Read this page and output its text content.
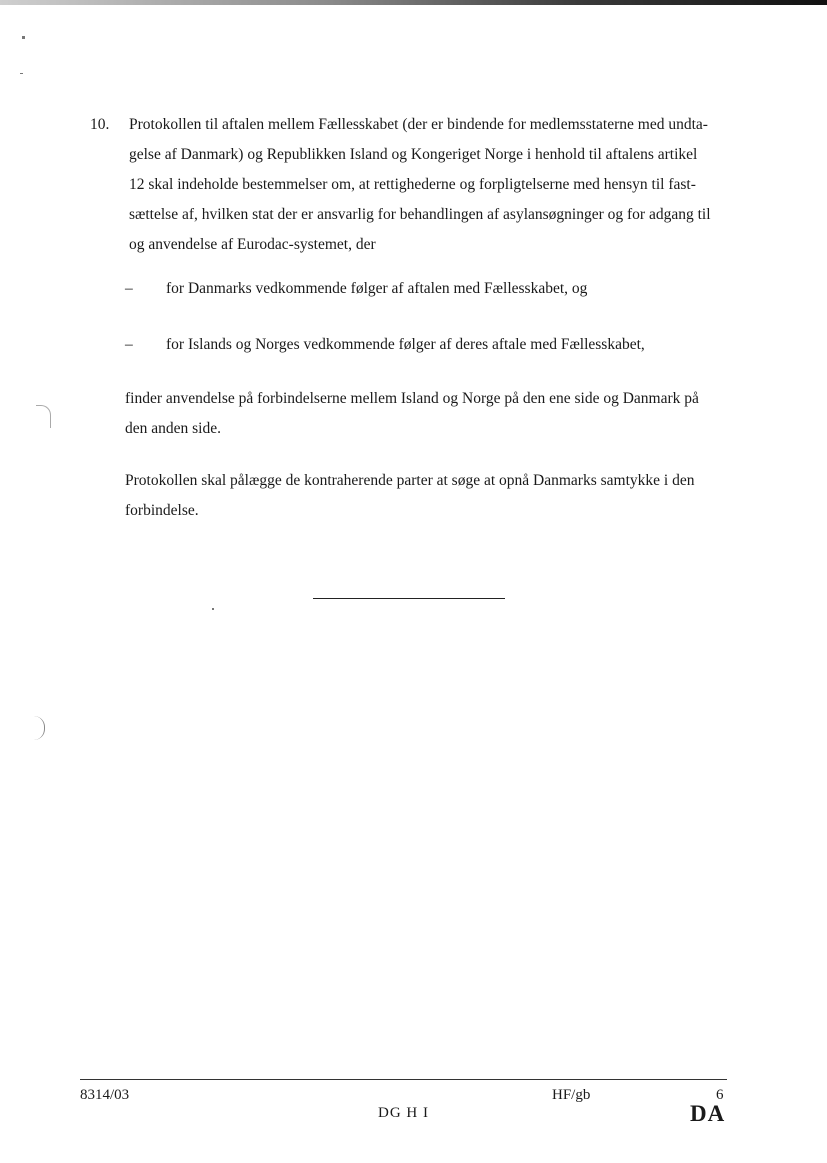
10. Protokollen til aftalen mellem Fællesskabet (der er bindende for medlemsstaterne med undta-
gelse af Danmark) og Republikken Island og Kongeriget Norge i henhold til aftalens artikel
12 skal indeholde bestemmelser om, at rettighederne og forpligtelserne med hensyn til fast-
sættelse af, hvilken stat der er ansvarlig for behandlingen af asylansøgninger og for adgang til
og anvendelse af Eurodac-systemet, der
– for Danmarks vedkommende følger af aftalen med Fællesskabet, og
– for Islands og Norges vedkommende følger af deres aftale med Fællesskabet,
finder anvendelse på forbindelserne mellem Island og Norge på den ene side og Danmark på
den anden side.
Protokollen skal pålægge de kontraherende parter at søge at opnå Danmarks samtykke i den
forbindelse.
8314/03	HF/gb	6
DG H I	DA
